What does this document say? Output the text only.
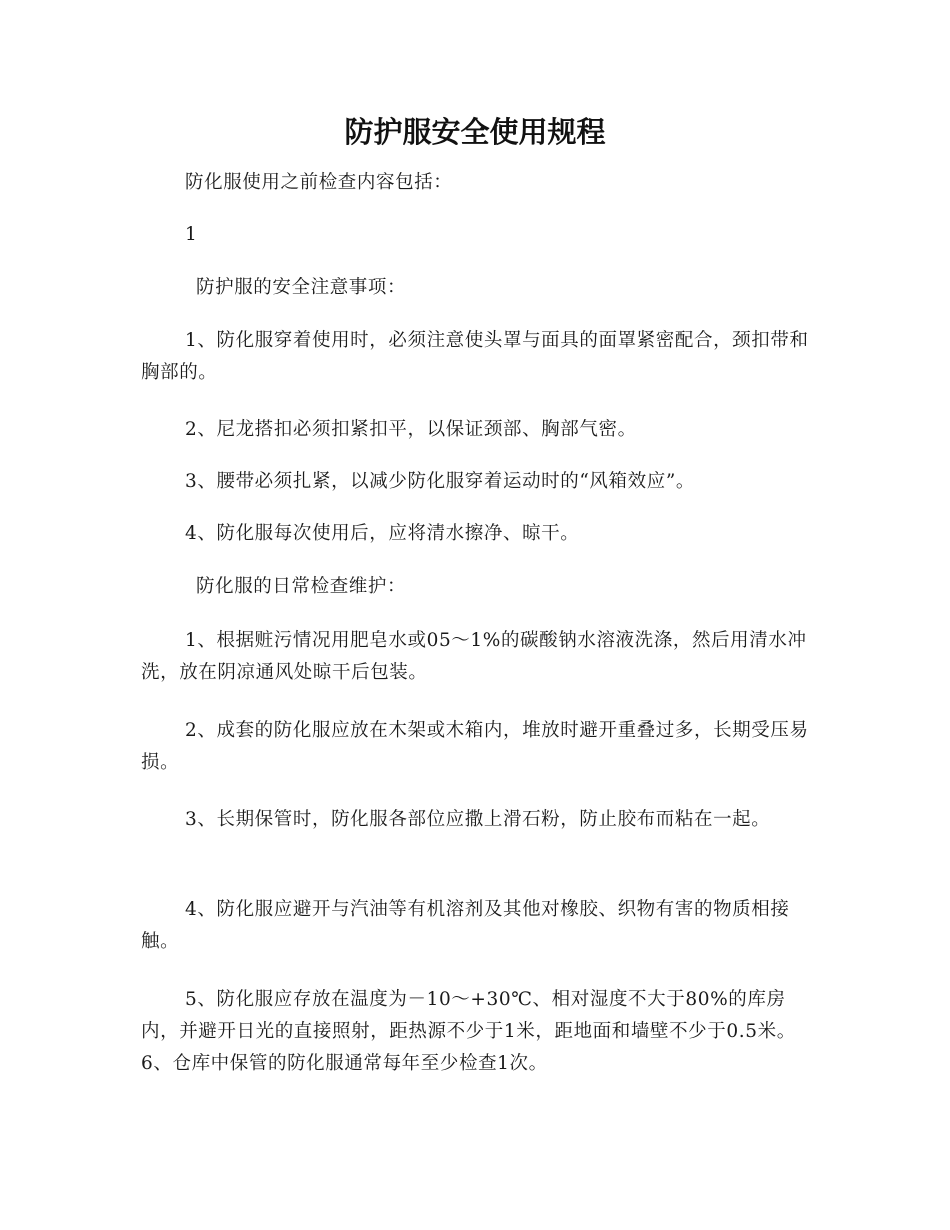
防护服安全使用规程

防化服使用之前检查内容包括：

1

防护服的安全注意事项：

1、防化服穿着使用时，必须注意使头罩与面具的面罩紧密配合，颈扣带和胸部的。

2、尼龙搭扣必须扣紧扣平，以保证颈部、胸部气密。

3、腰带必须扎紧，以减少防化服穿着运动时的“风箱效应”。

4、防化服每次使用后，应将清水擦净、晾干。

防化服的日常检查维护：

1、根据赃污情况用肥皂水或05～1%的碳酸钠水溶液洗涤，然后用清水冲洗，放在阴凉通风处晾干后包装。

2、成套的防化服应放在木架或木箱内，堆放时避开重叠过多，长期受压易损。

3、长期保管时，防化服各部位应撒上滑石粉，防止胶布而粘在一起。

4、防化服应避开与汽油等有机溶剂及其他对橡胶、织物有害的物质相接触。

5、防化服应存放在温度为－10～+30℃、相对湿度不大于80%的库房内，并避开日光的直接照射，距热源不少于1米，距地面和墙壁不少于0.5米。6、仓库中保管的防化服通常每年至少检查1次。
